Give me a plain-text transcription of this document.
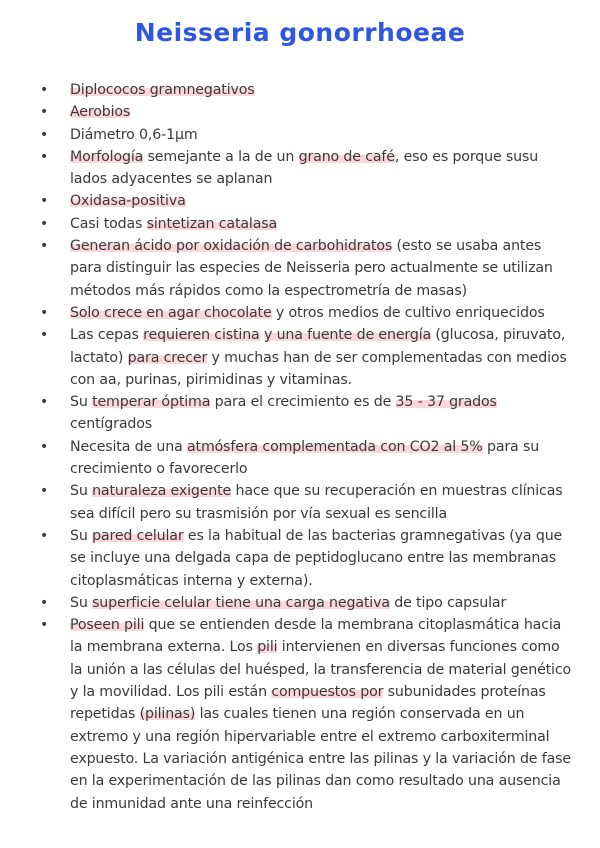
Neisseria gonorrhoeae
• Diplococos gramnegativos
• Aerobios
• Diámetro 0,6-1μm
• Morfología semejante a la de un grano de café, eso es porque susu lados adyacentes se aplanan
• Oxidasa-positiva
• Casi todas sintetizan catalasa
• Generan ácido por oxidación de carbohidratos (esto se usaba antes para distinguir las especies de Neisseria pero actualmente se utilizan métodos más rápidos como la espectrometría de masas)
• Solo crece en agar chocolate y otros medios de cultivo enriquecidos
• Las cepas requieren cistina y una fuente de energía (glucosa, piruvato, lactato) para crecer y muchas han de ser complementadas con medios con aa, purinas, pirimidinas y vitaminas.
• Su temperar óptima para el crecimiento es de 35 - 37 grados centígrados
• Necesita de una atmósfera complementada con CO2 al 5% para su crecimiento o favorecerlo
• Su naturaleza exigente hace que su recuperación en muestras clínicas sea difícil pero su trasmisión por vía sexual es sencilla
• Su pared celular es la habitual de las bacterias gramnegativas (ya que se incluye una delgada capa de peptidoglucano entre las membranas citoplasmáticas interna y externa).
• Su superficie celular tiene una carga negativa de tipo capsular
• Poseen pili que se entienden desde la membrana citoplasmática hacia la membrana externa. Los pili intervienen en diversas funciones como la unión a las células del huésped, la transferencia de material genético y la movilidad. Los pili están compuestos por subunidades proteínas repetidas (pilinas) las cuales tienen una región conservada en un extremo y una región hipervariable entre el extremo carboxiterminal expuesto. La variación antigénica entre las pilinas y la variación de fase en la experimentación de las pilinas dan como resultado una ausencia de inmunidad ante una reinfección
